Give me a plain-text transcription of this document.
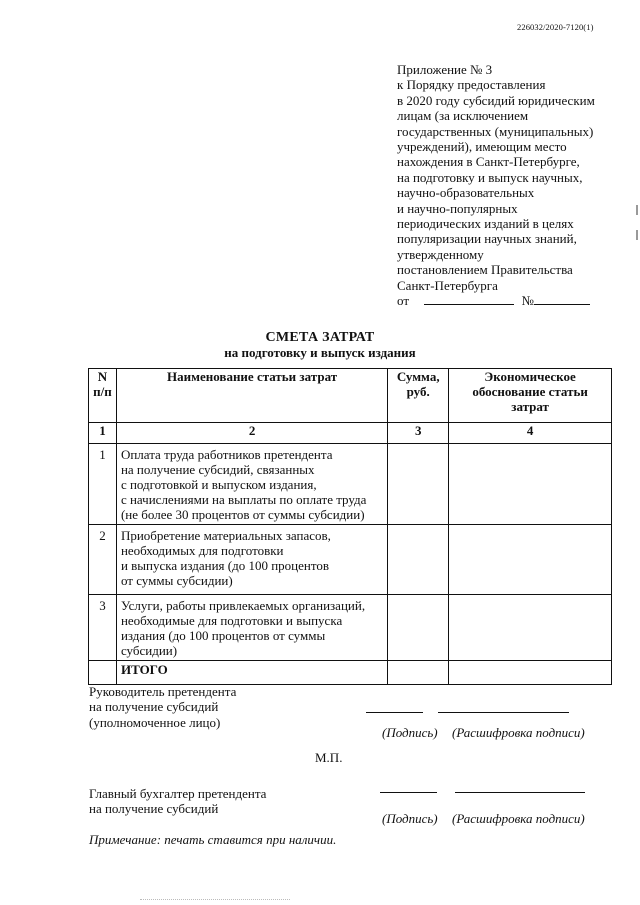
226032/2020-7120(1)
Приложение № 3
к Порядку предоставления
в 2020 году субсидий юридическим
лицам (за исключением
государственных (муниципальных)
учреждений), имеющим место
нахождения в Санкт-Петербурге,
на подготовку и выпуск научных,
научно-образовательных
и научно-популярных
периодических изданий в целях
популяризации научных знаний,
утвержденному
постановлением Правительства
Санкт-Петербурга
от	№
СМЕТА ЗАТРАТ
на подготовку и выпуск издания
N п/п	Наименование статьи затрат	Сумма, руб.	Экономическое обоснование статьи затрат
1	2	3	4
1	Оплата труда работников претендента
на получение субсидий, связанных
с подготовкой и выпуском издания,
с начислениями на выплаты по оплате труда
(не более 30 процентов от суммы субсидии)		

2	Приобретение материальных запасов,
необходимых для подготовки
и выпуска издания (до 100 процентов
от суммы субсидии)		

3	Услуги, работы привлекаемых организаций,
необходимые для подготовки и выпуска
издания (до 100 процентов от суммы субсидии)		

	ИТОГО		
Руководитель претендента
на получение субсидий
(уполномоченное лицо)
(Подпись) (Расшифровка подписи)
М.П.
Главный бухгалтер претендента
на получение субсидий
(Подпись) (Расшифровка подписи)
Примечание: печать ставится при наличии.
